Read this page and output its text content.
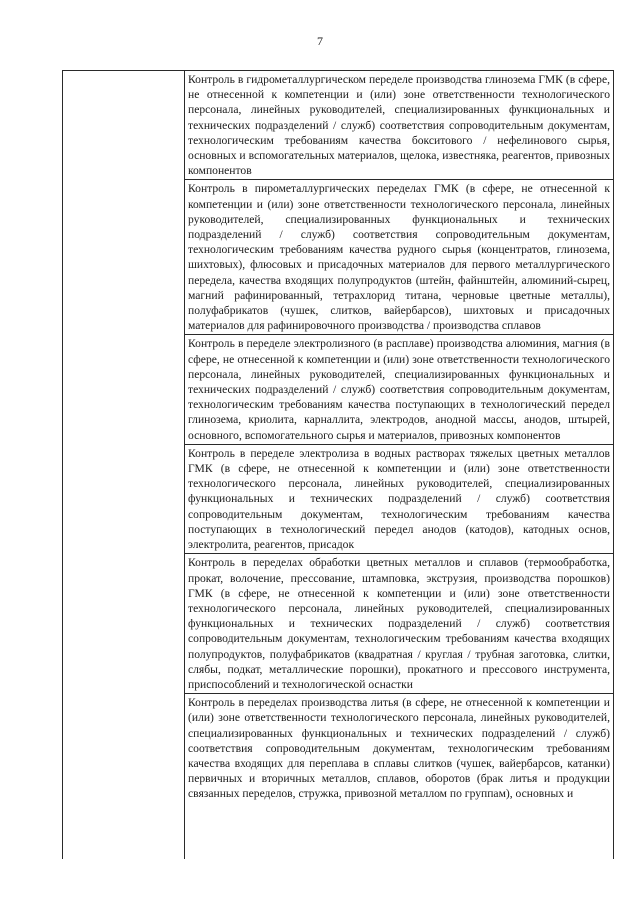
7
Контроль в гидрометаллургическом переделе производства глинозема ГМК (в сфере, не отнесенной к компетенции и (или) зоне ответственности технологического персонала, линейных руководителей, специализированных функциональных и технических подразделений / служб) соответствия сопроводительным документам, технологическим требованиям качества бокситового / нефелинового сырья, основных и вспомогательных материалов, щелока, известняка, реагентов, привозных компонентов
Контроль в пирометаллургических переделах ГМК (в сфере, не отнесенной к компетенции и (или) зоне ответственности технологического персонала, линейных руководителей, специализированных функциональных и технических подразделений / служб) соответствия сопроводительным документам, технологическим требованиям качества рудного сырья (концентратов, глинозема, шихтовых), флюсовых и присадочных материалов для первого металлургического передела, качества входящих полупродуктов (штейн, файнштейн, алюминий-сырец, магний рафинированный, тетрахлорид титана, черновые цветные металлы), полуфабрикатов (чушек, слитков, вайербарсов), шихтовых и присадочных материалов для рафинировочного производства / производства сплавов
Контроль в переделе электролизного (в расплаве) производства алюминия, магния (в сфере, не отнесенной к компетенции и (или) зоне ответственности технологического персонала, линейных руководителей, специализированных функциональных и технических подразделений / служб) соответствия сопроводительным документам, технологическим требованиям качества поступающих в технологический передел глинозема, криолита, карналлита, электродов, анодной массы, анодов, штырей, основного, вспомогательного сырья и материалов, привозных компонентов
Контроль в переделе электролиза в водных растворах тяжелых цветных металлов ГМК (в сфере, не отнесенной к компетенции и (или) зоне ответственности технологического персонала, линейных руководителей, специализированных функциональных и технических подразделений / служб) соответствия сопроводительным документам, технологическим требованиям качества поступающих в технологический передел анодов (катодов), катодных основ, электролита, реагентов, присадок
Контроль в переделах обработки цветных металлов и сплавов (термообработка, прокат, волочение, прессование, штамповка, экструзия, производства порошков) ГМК (в сфере, не отнесенной к компетенции и (или) зоне ответственности технологического персонала, линейных руководителей, специализированных функциональных и технических подразделений / служб) соответствия сопроводительным документам, технологическим требованиям качества входящих полупродуктов, полуфабрикатов (квадратная / круглая / трубная заготовка, слитки, слябы, подкат, металлические порошки), прокатного и прессового инструмента, приспособлений и технологической оснастки
Контроль в переделах производства литья (в сфере, не отнесенной к компетенции и (или) зоне ответственности технологического персонала, линейных руководителей, специализированных функциональных и технических подразделений / служб) соответствия сопроводительным документам, технологическим требованиям качества входящих для переплава в сплавы слитков (чушек, вайербарсов, катанки) первичных и вторичных металлов, сплавов, оборотов (брак литья и продукции связанных переделов, стружка, привозной металлом по группам), основных и
